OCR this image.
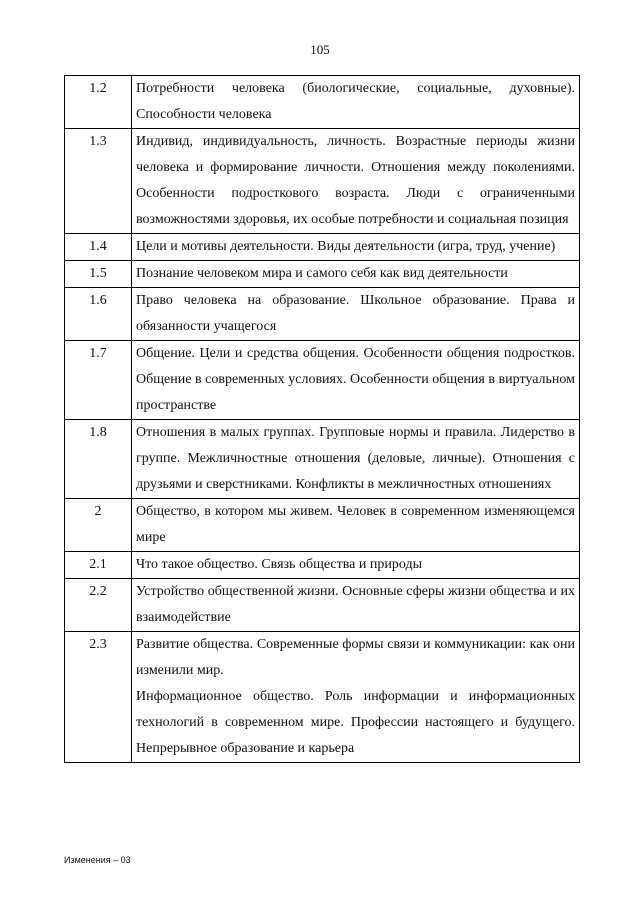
105
1.2	Потребности человека (биологические, социальные, духовные). Способности человека

1.3	Индивид, индивидуальность, личность. Возрастные периоды жизни человека и формирование личности. Отношения между поколениями. Особенности подросткового возраста. Люди с ограниченными возможностями здоровья, их особые потребности и социальная позиция

1.4	Цели и мотивы деятельности. Виды деятельности (игра, труд, учение)

1.5	Познание человеком мира и самого себя как вид деятельности

1.6	Право человека на образование. Школьное образование. Права и обязанности учащегося

1.7	Общение. Цели и средства общения. Особенности общения подростков. Общение в современных условиях. Особенности общения в виртуальном пространстве

1.8	Отношения в малых группах. Групповые нормы и правила. Лидерство в группе. Межличностные отношения (деловые, личные). Отношения с друзьями и сверстниками. Конфликты в межличностных отношениях

2	Общество, в котором мы живем. Человек в современном изменяющемся мире

2.1	Что такое общество. Связь общества и природы

2.2	Устройство общественной жизни. Основные сферы жизни общества и их взаимодействие

2.3	Развитие общества. Современные формы связи и коммуникации: как они изменили мир.
Информационное общество. Роль информации и информационных технологий в современном мире. Профессии настоящего и будущего. Непрерывное образование и карьера
Изменения – 03
